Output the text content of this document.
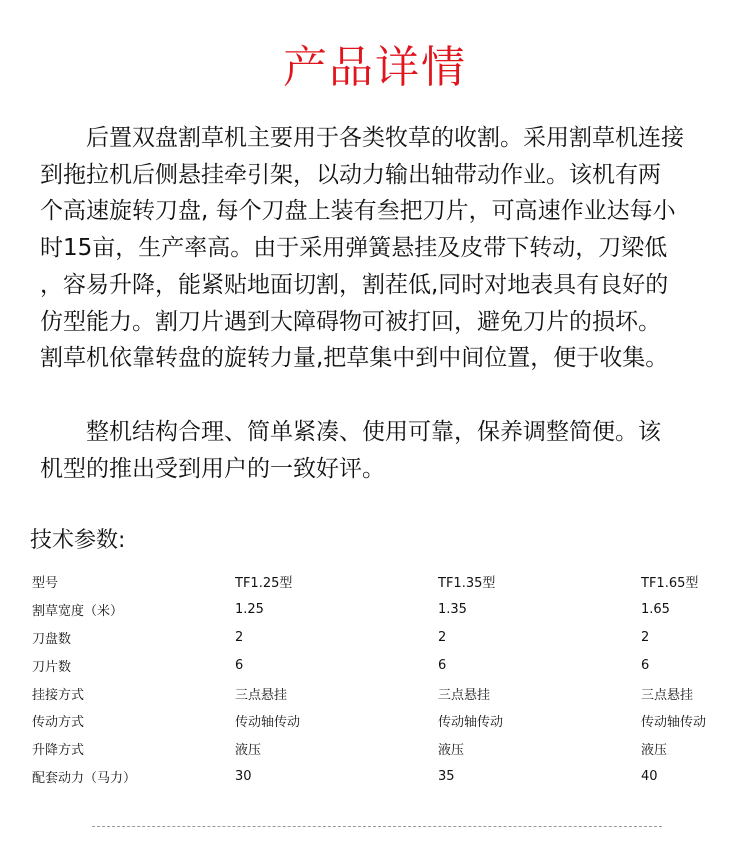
产品详情
　　后置双盘割草机主要用于各类牧草的收割。采用割草机连接
到拖拉机后侧悬挂牵引架，以动力输出轴带动作业。该机有两
个高速旋转刀盘, 每个刀盘上装有叁把刀片，可高速作业达每小
时15亩，生产率高。由于采用弹簧悬挂及皮带下转动，刀梁低
，容易升降，能紧贴地面切割，割茬低,同时对地表具有良好的
仿型能力。割刀片遇到大障碍物可被打回，避免刀片的损坏。
割草机依靠转盘的旋转力量,把草集中到中间位置，便于收集。
　　整机结构合理、简单紧凑、使用可靠，保养调整简便。该
机型的推出受到用户的一致好评。
技术参数:
型号	TF1.25型	TF1.35型	TF1.65型
割草宽度（米）	1.25	1.35	1.65
刀盘数	2	2	2
刀片数	6	6	6
挂接方式	三点悬挂	三点悬挂	三点悬挂
传动方式	传动轴传动	传动轴传动	传动轴传动
升降方式	液压	液压	液压
配套动力（马力）	30	35	40
